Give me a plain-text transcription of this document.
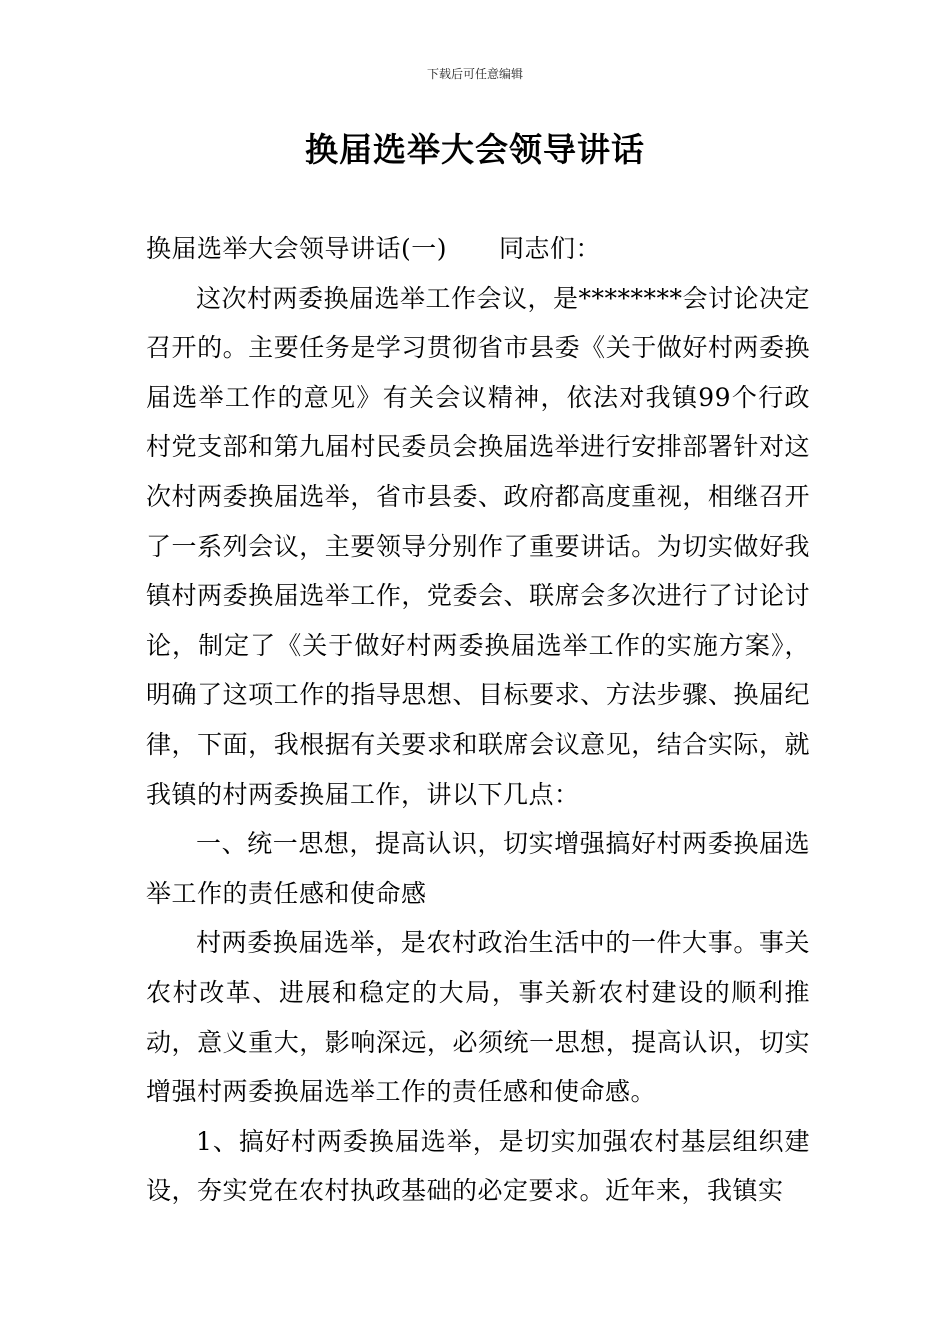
下载后可任意编辑
换届选举大会领导讲话

换届选举大会领导讲话(一) 同志们：

这次村两委换届选举工作会议，是********会讨论决定召开的。主要任务是学习贯彻省市县委《关于做好村两委换届选举工作的意见》有关会议精神，依法对我镇99个行政村党支部和第九届村民委员会换届选举进行安排部署针对这次村两委换届选举，省市县委、政府都高度重视，相继召开了一系列会议，主要领导分别作了重要讲话。为切实做好我镇村两委换届选举工作，党委会、联席会多次进行了讨论讨论，制定了《关于做好村两委换届选举工作的实施方案》，明确了这项工作的指导思想、目标要求、方法步骤、换届纪律，下面，我根据有关要求和联席会议意见，结合实际，就我镇的村两委换届工作，讲以下几点：

一、统一思想，提高认识，切实增强搞好村两委换届选举工作的责任感和使命感

村两委换届选举，是农村政治生活中的一件大事。事关农村改革、进展和稳定的大局，事关新农村建设的顺利推动，意义重大，影响深远，必须统一思想，提高认识，切实增强村两委换届选举工作的责任感和使命感。

1、搞好村两委换届选举，是切实加强农村基层组织建设，夯实党在农村执政基础的必定要求。近年来，我镇实
